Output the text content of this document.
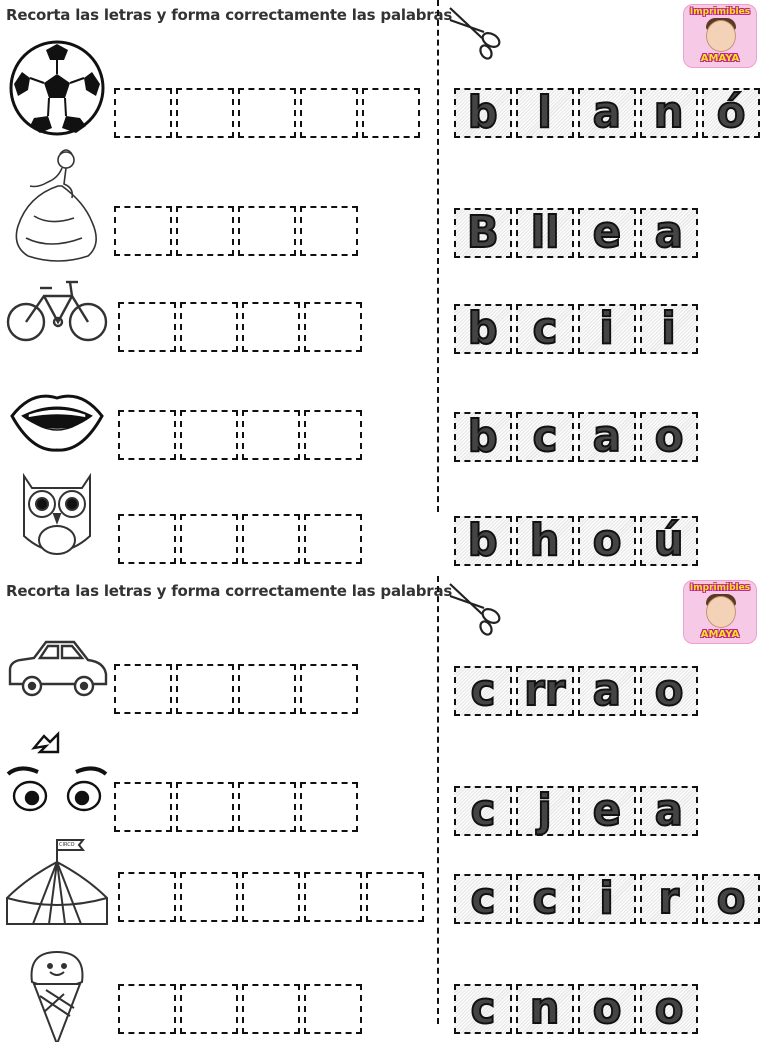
Recorta las letras y forma correctamente las palabras	Imprimibles
AMAYA
b l a n ó
B ll e a
b c i i
b c a o
b h o ú
Recorta las letras y forma correctamente las palabras	Imprimibles
AMAYA
c rr a o
c j e a
CIRCO
c c i r o
c n o o
